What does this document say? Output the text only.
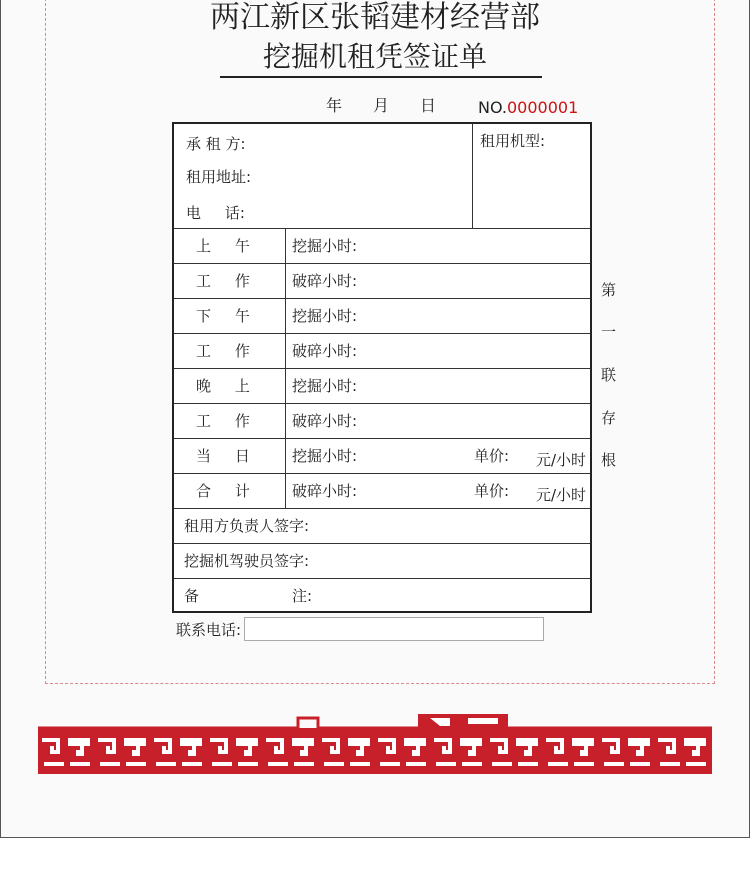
两江新区张韬建材经营部
挖掘机租凭签证单
年 月 日	NO.0000001
承 租 方:
租用地址:
电     话:
租用机型:
上     午	挖掘小时:
工     作	破碎小时:
下     午	挖掘小时:
工     作	破碎小时:
晚     上	挖掘小时:
工     作	破碎小时:
当     日	挖掘小时:	单价: 元/小时
合     计	破碎小时:	单价: 元/小时
租用方负责人签字:
挖掘机驾驶员签字:
备	注:
联系电话:
第
一
联
存
根
